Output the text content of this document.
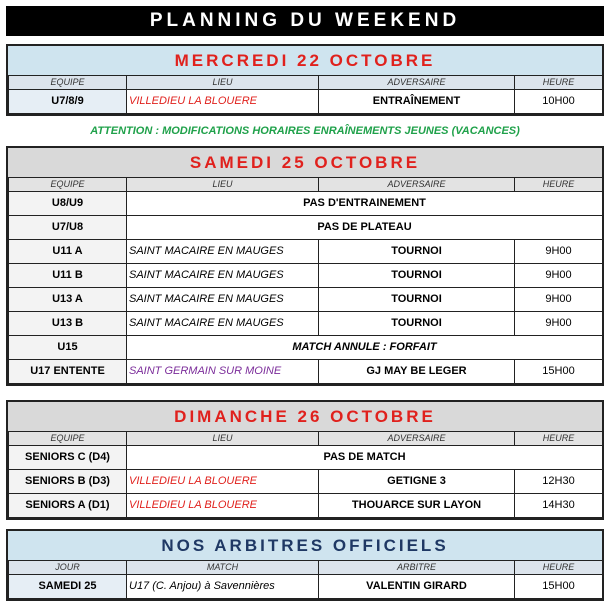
PLANNING DU WEEKEND
MERCREDI 22 OCTOBRE
EQUIPE	LIEU	ADVERSAIRE	HEURE
U7/8/9	VILLEDIEU LA BLOUERE	ENTRAÎNEMENT	10H00
ATTENTION : MODIFICATIONS HORAIRES ENRAÎNEMENTS JEUNES (VACANCES)
SAMEDI 25 OCTOBRE
EQUIPE	LIEU	ADVERSAIRE	HEURE
U8/U9	PAS D'ENTRAINEMENT		
U7/U8	PAS DE PLATEAU		
U11 A	SAINT MACAIRE EN MAUGES	TOURNOI	9H00
U11 B	SAINT MACAIRE EN MAUGES	TOURNOI	9H00
U13 A	SAINT MACAIRE EN MAUGES	TOURNOI	9H00
U13 B	SAINT MACAIRE EN MAUGES	TOURNOI	9H00
U15	MATCH ANNULE : FORFAIT		
U17 ENTENTE	SAINT GERMAIN SUR MOINE	GJ MAY BE LEGER	15H00
DIMANCHE 26 OCTOBRE
EQUIPE	LIEU	ADVERSAIRE	HEURE
SENIORS C (D4)	PAS DE MATCH		
SENIORS B (D3)	VILLEDIEU LA BLOUERE	GETIGNE 3	12H30
SENIORS A (D1)	VILLEDIEU LA BLOUERE	THOUARCE SUR LAYON	14H30
NOS ARBITRES OFFICIELS
JOUR	MATCH	ARBITRE	HEURE
SAMEDI 25	U17 (C. Anjou) à Savennières	VALENTIN GIRARD	15H00
